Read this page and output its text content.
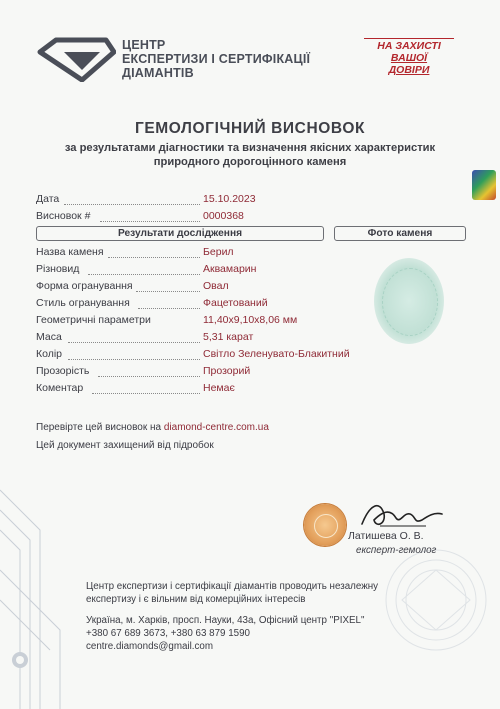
ЦЕНТР
ЕКСПЕРТИЗИ І СЕРТИФІКАЦІЇ
ДІАМАНТІВ
НА ЗАХИСТІ
ВАШОЇ
ДОВІРИ
ГЕМОЛОГІЧНИЙ ВИСНОВОК
за результатами діагностики та визначення якісних характеристик
природного дорогоцінного каменя
Дата	15.10.2023
Висновок #	0000368
Результати дослідження	Фото каменя
Назва каменя	Берил
Різновид	Аквамарин
Форма огранування	Овал
Стиль огранування	Фацетований
Геометричні параметри	11,40x9,10x8,06 мм
Маса	5,31 карат
Колір	Світло Зеленувато-Блакитний
Прозорість	Прозорий
Коментар	Немає
Перевірте цей висновок на diamond-centre.com.ua
Цей документ захищений від підробок
Латишева О. В.
експерт-гемолог
Центр експертизи і сертифікації діамантів проводить незалежну
експертизу і є вільним від комерційних інтересів
Україна, м. Харків, просп. Науки, 43а, Офісний центр "PIXEL"
+380 67 689 3673, +380 63 879 1590
centre.diamonds@gmail.com
